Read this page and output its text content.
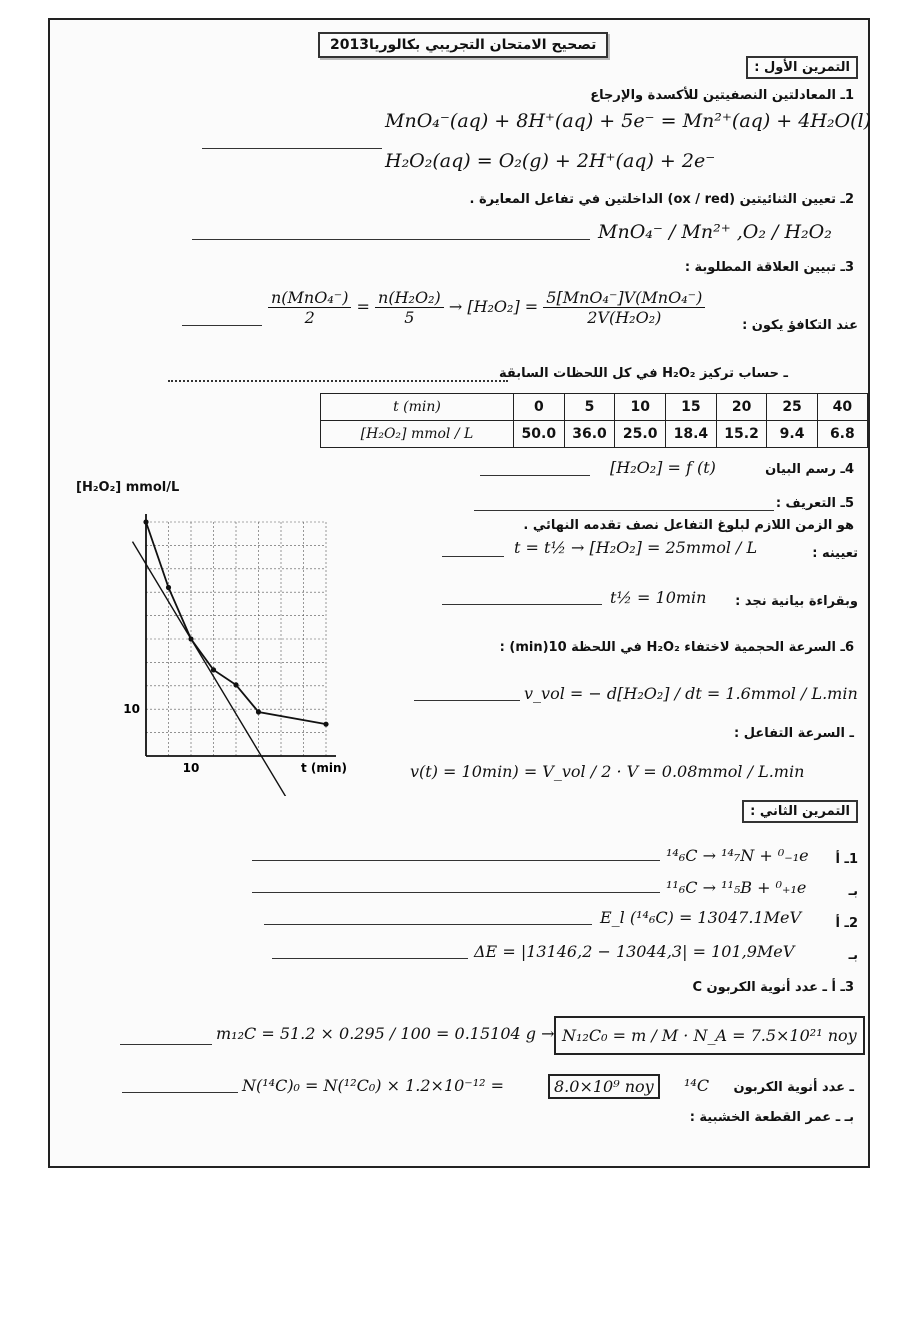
تصحيح الامتحان التجريبي بكالوريا2013
التمرين الأول :
1ـ المعادلتين النصفيتين للأكسدة والإرجاع
MnO₄⁻(aq) + 8H⁺(aq) + 5e⁻ = Mn²⁺(aq) + 4H₂O(l)
H₂O₂(aq) = O₂(g) + 2H⁺(aq) + 2e⁻
2ـ تعيين الثنائيتين (ox / red) الداخلتين في تفاعل المعايرة .
MnO₄⁻ / Mn²⁺ ,O₂ / H₂O₂
3ـ تبيين العلاقة المطلوبة :
عند التكافؤ يكون :
$\frac{\text{n(MnO₄⁻)}}{2} = \frac{\text{n(H₂O₂)}}{5} \to [H_2O_2] = \frac{\text{5[MnO₄⁻]V(MnO₄⁻)}}{\text{2V(H₂O₂)}}$
ـ حساب تركيز H₂O₂ في كل اللحظات السابقة
t (min)	0	5	10	15	20	25	40
[H₂O₂] mmol / L	50.0	36.0	25.0	18.4	15.2	9.4	6.8
[H₂O₂] mmol/L
10
10
t (min)
4ـ رسم البيان
[H₂O₂] = f (t)
5ـ التعريف :
هو الزمن اللازم لبلوغ التفاعل نصف تقدمه النهائي .
تعيينه :
t = t½ → [H₂O₂] = 25mmol / L
وبقراءة بيانية نجد :
t½ = 10min
6ـ السرعة الحجمية لاختفاء H₂O₂ في اللحظة 10(min) :
v_vol = − d[H₂O₂] / dt = 1.6mmol / L.min
ـ السرعة التفاعل :
v(t) = 10min) = V_vol / 2 · V = 0.08mmol / L.min
التمرين الثاني :
¹⁴₆C → ¹⁴₇N + ⁰₋₁e 1ـ أ
¹¹₆C → ¹¹₅B + ⁰₊₁e	بـ
E_l (¹⁴₆C) = 13047.1MeV	2ـ أ
ΔE = |13146,2 − 13044,3| = 101,9MeV	بـ
3ـ أ ـ عدد أنوية الكربون C
m₁₂C = 51.2 × 0.295 / 100 = 0.15104 g → N₁₂C₀ = m / M · N_A = 7.5×10²¹ noy
N(¹⁴C)₀ = N(¹²C₀) × 1.2×10⁻¹² =	8.0×10⁹ noy	¹⁴C ـ عدد أنوية الكربون
بـ ـ عمر القطعة الخشبية :
